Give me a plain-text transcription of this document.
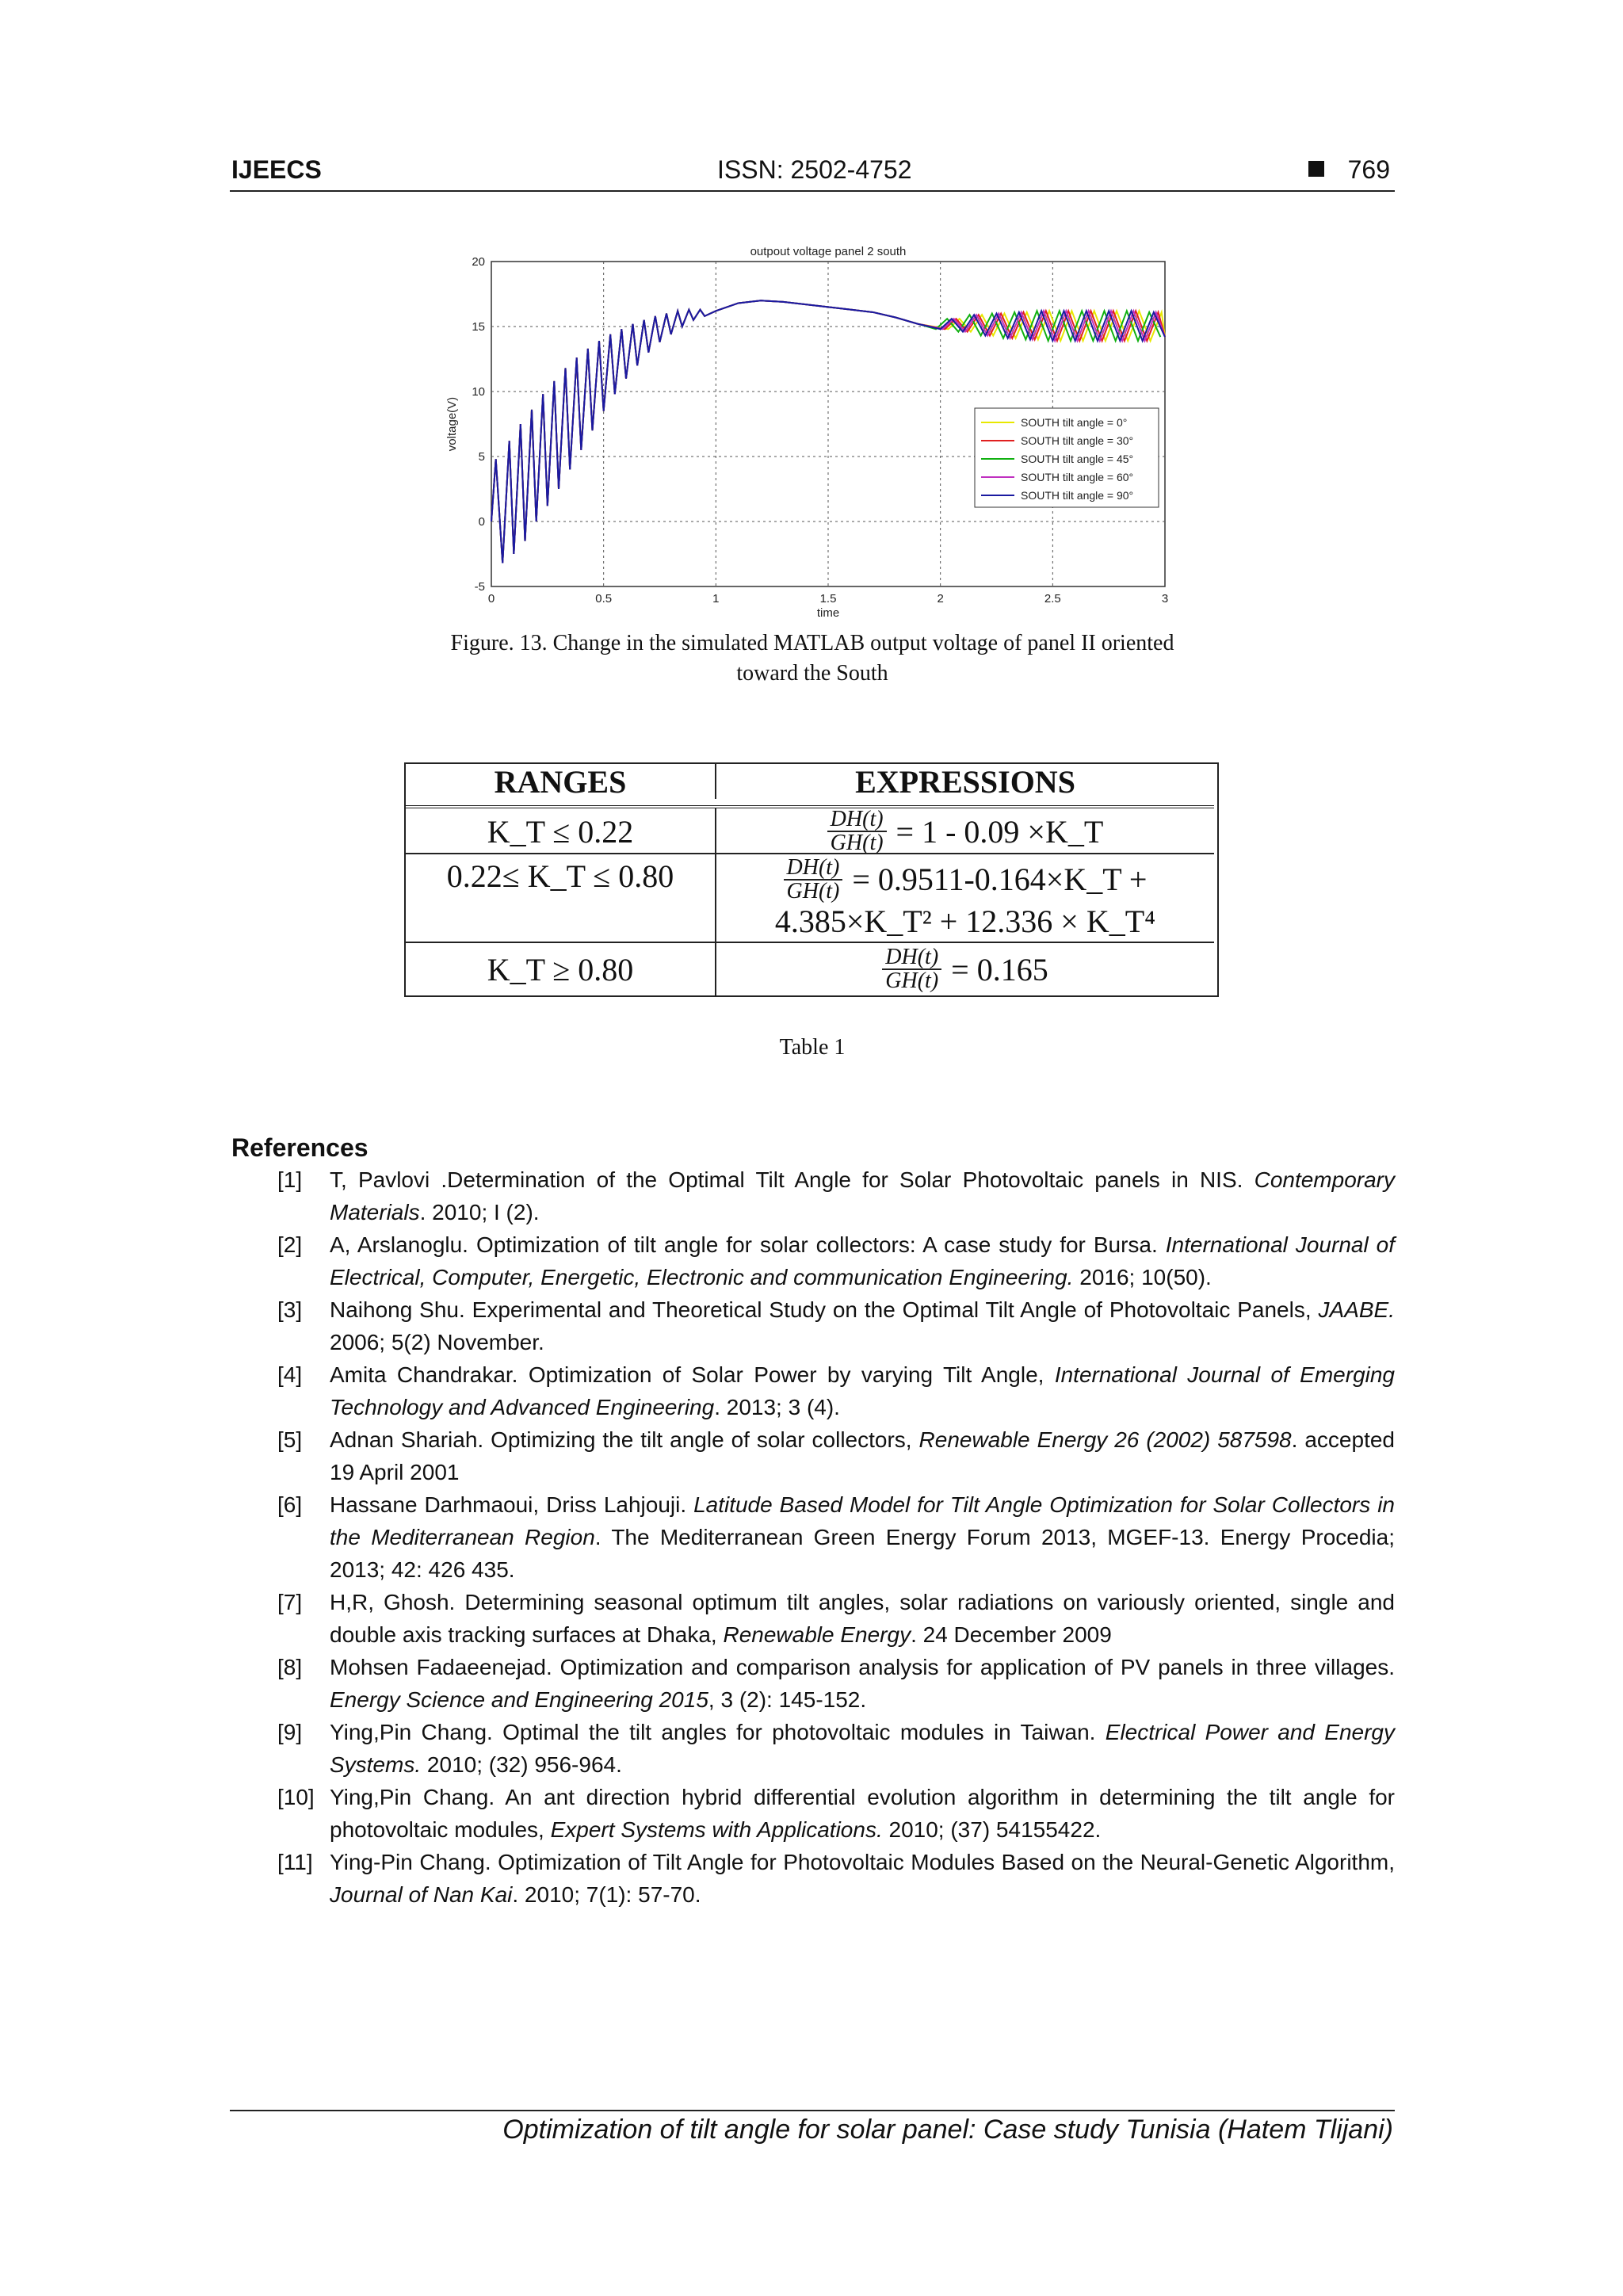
IJEECS	ISSN: 2502-4752	769
0	0.5	1	1.5	2	2.5	3
-5
0
5
10
15
20
outpout voltage panel 2 south
time
voltage(V)	SOUTH tilt angle = 0°
SOUTH tilt angle = 30°
SOUTH tilt angle = 45°
SOUTH tilt angle = 60°
SOUTH tilt angle = 90°
Figure. 13. Change in the simulated MATLAB output voltage of panel II oriented
toward the South
RANGES	EXPRESSIONS
K_T ≤ 0.22	$\frac{DH(t)}{GH(t)} = 1 - 0.09$ ×K_T
0.22≤ K_T ≤ 0.80	$\frac{DH(t)}{GH(t)}$ = 0.9511-0.164×K_T +
4.385×K_T² + 12.336 × K_T⁴
K_T ≥ 0.80	$\frac{DH(t)}{GH(t)} = 0.165$
Table 1
References
[1] T, Pavlovi .Determination of the Optimal Tilt Angle for Solar Photovoltaic panels in NIS. Contemporary Materials. 2010; I (2).
[2] A, Arslanoglu. Optimization of tilt angle for solar collectors: A case study for Bursa. International Journal of Electrical, Computer, Energetic, Electronic and communication Engineering. 2016; 10(50).
[3] Naihong Shu. Experimental and Theoretical Study on the Optimal Tilt Angle of Photovoltaic Panels, JAABE. 2006; 5(2) November.
[4] Amita Chandrakar. Optimization of Solar Power by varying Tilt Angle, International Journal of Emerging Technology and Advanced Engineering. 2013; 3 (4).
[5] Adnan Shariah. Optimizing the tilt angle of solar collectors, Renewable Energy 26 (2002) 587598. accepted 19 April 2001
[6] Hassane Darhmaoui, Driss Lahjouji. Latitude Based Model for Tilt Angle Optimization for Solar Collectors in the Mediterranean Region. The Mediterranean Green Energy Forum 2013, MGEF-13. Energy Procedia; 2013; 42: 426 435.
[7] H,R, Ghosh. Determining seasonal optimum tilt angles, solar radiations on variously oriented, single and double axis tracking surfaces at Dhaka, Renewable Energy. 24 December 2009
[8] Mohsen Fadaeenejad. Optimization and comparison analysis for application of PV panels in three villages. Energy Science and Engineering 2015, 3 (2): 145-152.
[9] Ying,Pin Chang. Optimal the tilt angles for photovoltaic modules in Taiwan. Electrical Power and Energy Systems. 2010; (32) 956-964.
[10] Ying,Pin Chang. An ant direction hybrid differential evolution algorithm in determining the tilt angle for photovoltaic modules, Expert Systems with Applications. 2010; (37) 54155422.
[11] Ying-Pin Chang. Optimization of Tilt Angle for Photovoltaic Modules Based on the Neural-Genetic Algorithm, Journal of Nan Kai. 2010; 7(1): 57-70.
Optimization of tilt angle for solar panel: Case study Tunisia (Hatem Tlijani)
